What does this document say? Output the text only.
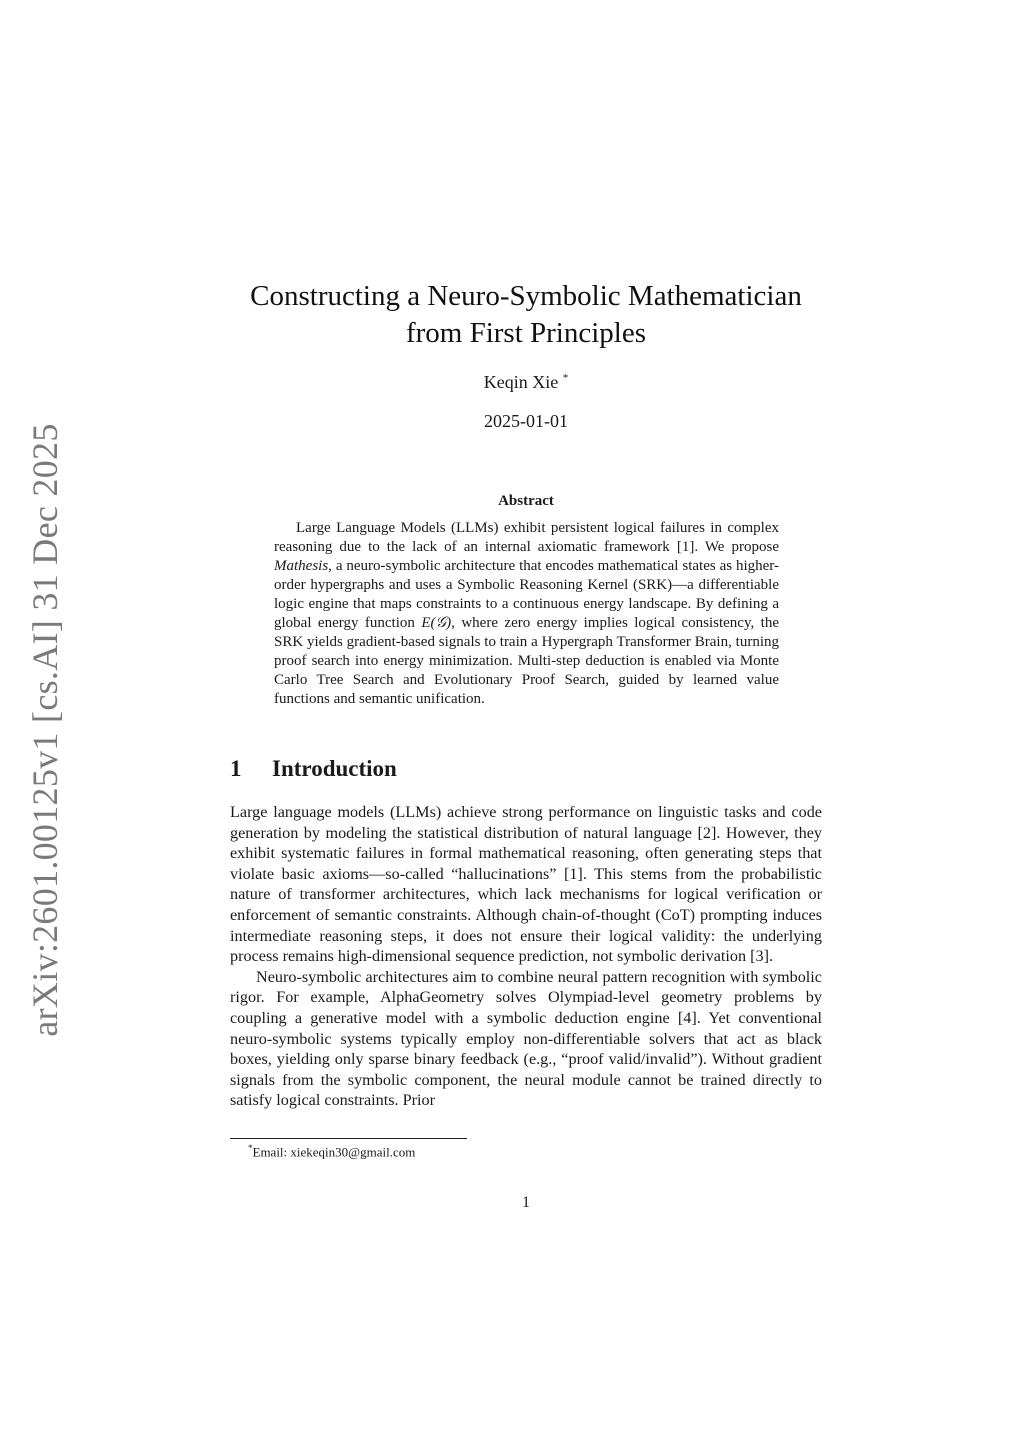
arXiv:2601.00125v1 [cs.AI] 31 Dec 2025
Constructing a Neuro-Symbolic Mathematician
from First Principles
Keqin Xie *
2025-01-01
Abstract

Large Language Models (LLMs) exhibit persistent logical failures in complex reasoning due to the lack of an internal axiomatic framework [1]. We propose Mathesis, a neuro-symbolic architecture that encodes mathematical states as higher-order hypergraphs and uses a Symbolic Reasoning Kernel (SRK)—a differentiable logic engine that maps constraints to a continuous energy landscape. By defining a global energy function E(𝒢), where zero energy implies logical consistency, the SRK yields gradient-based signals to train a Hypergraph Transformer Brain, turning proof search into energy minimization. Multi-step deduction is enabled via Monte Carlo Tree Search and Evolutionary Proof Search, guided by learned value functions and semantic unification.

1 Introduction

Large language models (LLMs) achieve strong performance on linguistic tasks and code generation by modeling the statistical distribution of natural language [2]. However, they exhibit systematic failures in formal mathematical reasoning, often generating steps that violate basic axioms—so-called “hallucinations” [1]. This stems from the probabilistic nature of transformer architectures, which lack mechanisms for logical verification or enforcement of semantic constraints. Although chain-of-thought (CoT) prompting induces intermediate reasoning steps, it does not ensure their logical validity: the underlying process remains high-dimensional sequence prediction, not symbolic derivation [3].

Neuro-symbolic architectures aim to combine neural pattern recognition with symbolic rigor. For example, AlphaGeometry solves Olympiad-level geometry problems by coupling a generative model with a symbolic deduction engine [4]. Yet conventional neuro-symbolic systems typically employ non-differentiable solvers that act as black boxes, yielding only sparse binary feedback (e.g., “proof valid/invalid”). Without gradient signals from the symbolic component, the neural module cannot be trained directly to satisfy logical constraints. Prior

*Email: xiekeqin30@gmail.com
1
